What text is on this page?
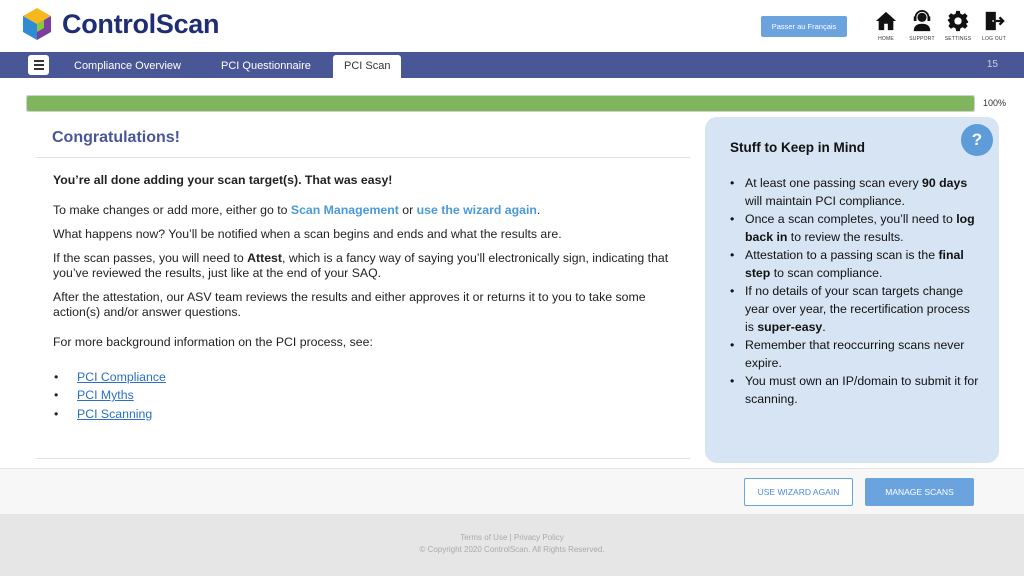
ControlScan	Passer au Français
HOME	SUPPORT SETTINGS LOG OUT
Compliance Overview	PCI Questionnaire	PCI Scan	15
100%
Congratulations!

You’re all done adding your scan target(s). That was easy!

To make changes or add more, either go to Scan Management or use the wizard again.

What happens now? You’ll be notified when a scan begins and ends and what the results are.

If the scan passes, you will need to Attest, which is a fancy way of saying you’ll electronically sign, indicating that you’ve reviewed the results, just like at the end of your SAQ.

After the attestation, our ASV team reviews the results and either approves it or returns it to you to take some action(s) and/or answer questions.

For more background information on the PCI process, see:

•	PCI Compliance
•	PCI Myths
•	PCI Scanning
Stuff to Keep in Mind	?
• At least one passing scan every 90 days will maintain PCI compliance.
• Once a scan completes, you’ll need to log back in to review the results.
• Attestation to a passing scan is the final step to scan compliance.
• If no details of your scan targets change year over year, the recertification process is super-easy.
• Remember that reoccurring scans never expire.
• You must own an IP/domain to submit it for scanning.
USE WIZARD AGAIN	MANAGE SCANS
Terms of Use | Privacy Policy
© Copyright 2020 ControlScan. All Rights Reserved.
